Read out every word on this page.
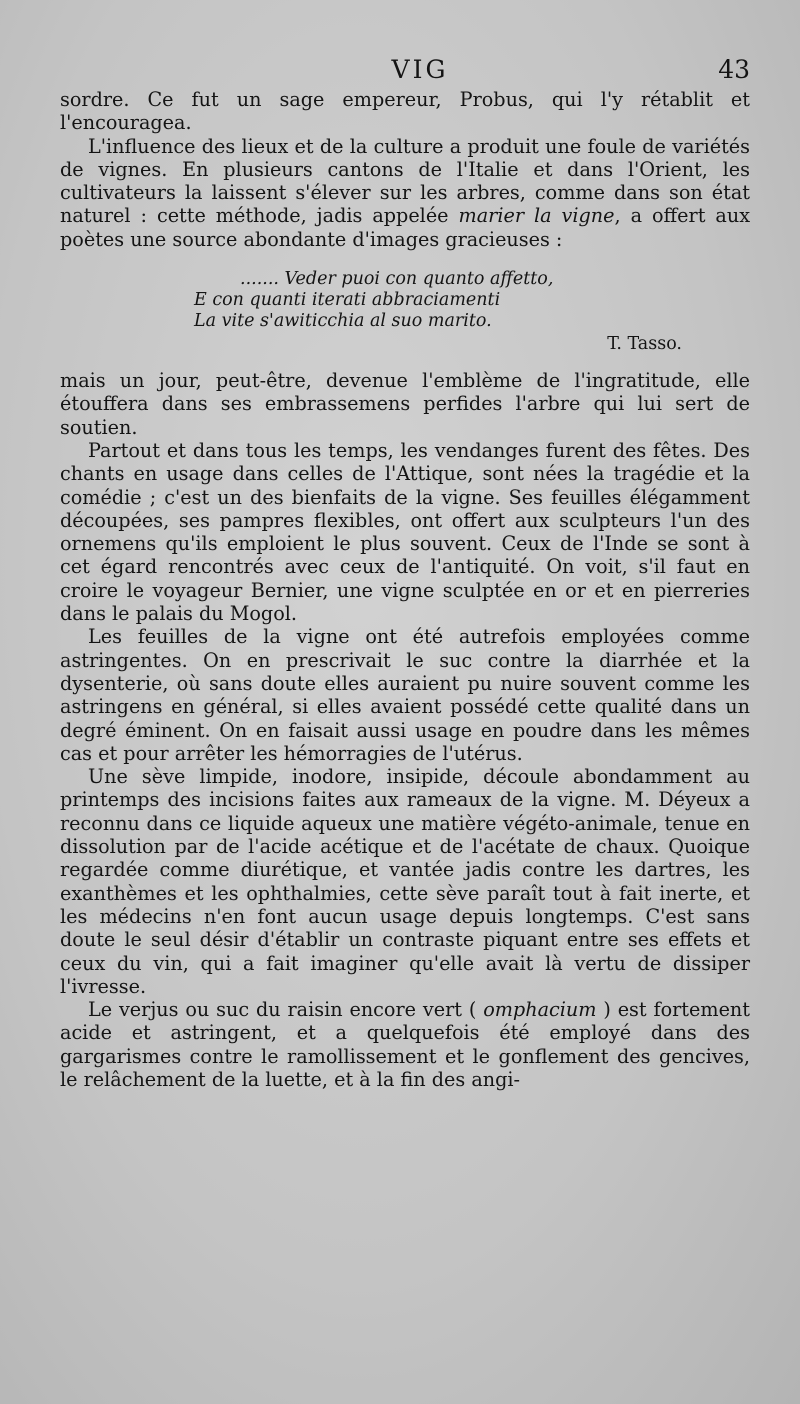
VIG	43

sordre. Ce fut un sage empereur, Probus, qui l'y rétablit et l'encouragea.

L'influence des lieux et de la culture a produit une foule de variétés de vignes. En plusieurs cantons de l'Italie et dans l'Orient, les cultivateurs la laissent s'élever sur les arbres, comme dans son état naturel : cette méthode, jadis appelée marier la vigne, a offert aux poètes une source abondante d'images gracieuses :

....... Veder puoi con quanto affetto,
E con quanti iterati abbraciamenti
La vite s'awiticchia al suo marito.
T. Tasso.

mais un jour, peut-être, devenue l'emblème de l'ingratitude, elle étouffera dans ses embrassemens perfides l'arbre qui lui sert de soutien.

Partout et dans tous les temps, les vendanges furent des fêtes. Des chants en usage dans celles de l'Attique, sont nées la tragédie et la comédie ; c'est un des bienfaits de la vigne. Ses feuilles élégamment découpées, ses pampres flexibles, ont offert aux sculpteurs l'un des ornemens qu'ils emploient le plus souvent. Ceux de l'Inde se sont à cet égard rencontrés avec ceux de l'antiquité. On voit, s'il faut en croire le voyageur Bernier, une vigne sculptée en or et en pierreries dans le palais du Mogol.

Les feuilles de la vigne ont été autrefois employées comme astringentes. On en prescrivait le suc contre la diarrhée et la dysenterie, où sans doute elles auraient pu nuire souvent comme les astringens en général, si elles avaient possédé cette qualité dans un degré éminent. On en faisait aussi usage en poudre dans les mêmes cas et pour arrêter les hémorragies de l'utérus.

Une sève limpide, inodore, insipide, découle abondamment au printemps des incisions faites aux rameaux de la vigne. M. Déyeux a reconnu dans ce liquide aqueux une matière végéto-animale, tenue en dissolution par de l'acide acétique et de l'acétate de chaux. Quoique regardée comme diurétique, et vantée jadis contre les dartres, les exanthèmes et les ophthalmies, cette sève paraît tout à fait inerte, et les médecins n'en font aucun usage depuis longtemps. C'est sans doute le seul désir d'établir un contraste piquant entre ses effets et ceux du vin, qui a fait imaginer qu'elle avait là vertu de dissiper l'ivresse.

Le verjus ou suc du raisin encore vert ( omphacium ) est fortement acide et astringent, et a quelquefois été employé dans des gargarismes contre le ramollissement et le gonflement des gencives, le relâchement de la luette, et à la fin des angi-
